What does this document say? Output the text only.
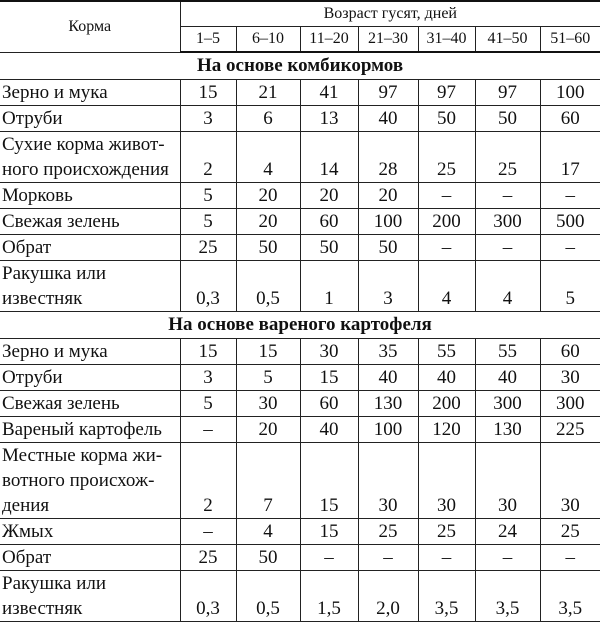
Корма	Возраст гусят, дней						
	1–5	6–10	11–20	21–30	31–40	41–50	51–60
На основе комбикормов							
Зерно и мука	15	21	41	97	97	97	100
Отруби	3	6	13	40	50	50	60
Сухие корма живот-
ного происхождения	2	4	14	28	25	25	17
Морковь	5	20	20	20	–	–	–
Свежая зелень	5	20	60	100	200	300	500
Обрат	25	50	50	50	–	–	–
Ракушка или
известняк	0,3	0,5	1	3	4	4	5
На основе вареного картофеля							
Зерно и мука	15	15	30	35	55	55	60
Отруби	3	5	15	40	40	40	30
Свежая зелень	5	30	60	130	200	300	300
Вареный картофель	–	20	40	100	120	130	225
Местные корма жи-
вотного происхож-
дения	2	7	15	30	30	30	30
Жмых	–	4	15	25	25	24	25
Обрат	25	50	–	–	–	–	–
Ракушка или
известняк	0,3	0,5	1,5	2,0	3,5	3,5	3,5
